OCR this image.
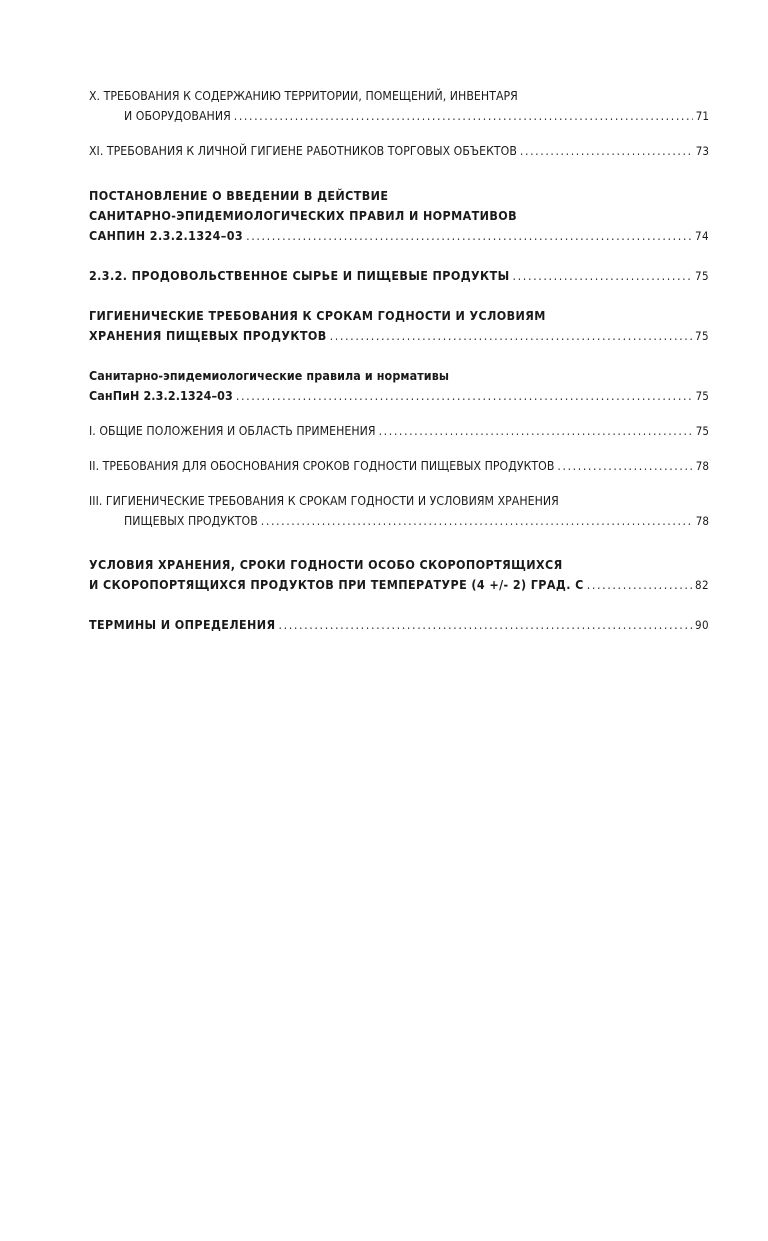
X. ТРЕБОВАНИЯ К СОДЕРЖАНИЮ ТЕРРИТОРИИ, ПОМЕЩЕНИЙ, ИНВЕНТАРЯ
И ОБОРУДОВАНИЯ .....	71
XI. ТРЕБОВАНИЯ К ЛИЧНОЙ ГИГИЕНЕ РАБОТНИКОВ ТОРГОВЫХ ОБЪЕКТОВ .....	73
ПОСТАНОВЛЕНИЕ О ВВЕДЕНИИ В ДЕЙСТВИЕ
САНИТАРНО-ЭПИДЕМИОЛОГИЧЕСКИХ ПРАВИЛ И НОРМАТИВОВ
САНПИН 2.3.2.1324–03 .....	74
2.3.2. ПРОДОВОЛЬСТВЕННОЕ СЫРЬЕ И ПИЩЕВЫЕ ПРОДУКТЫ .....	75
ГИГИЕНИЧЕСКИЕ ТРЕБОВАНИЯ К СРОКАМ ГОДНОСТИ И УСЛОВИЯМ
ХРАНЕНИЯ ПИЩЕВЫХ ПРОДУКТОВ .....	75
Санитарно-эпидемиологические правила и нормативы
СанПиН 2.3.2.1324–03 .....	75
I. ОБЩИЕ ПОЛОЖЕНИЯ И ОБЛАСТЬ ПРИМЕНЕНИЯ .....	75
II. ТРЕБОВАНИЯ ДЛЯ ОБОСНОВАНИЯ СРОКОВ ГОДНОСТИ ПИЩЕВЫХ ПРОДУКТОВ .....	78
III. ГИГИЕНИЧЕСКИЕ ТРЕБОВАНИЯ К СРОКАМ ГОДНОСТИ И УСЛОВИЯМ ХРАНЕНИЯ
ПИЩЕВЫХ ПРОДУКТОВ .....	78
УСЛОВИЯ ХРАНЕНИЯ, СРОКИ ГОДНОСТИ ОСОБО СКОРОПОРТЯЩИХСЯ
И СКОРОПОРТЯЩИХСЯ ПРОДУКТОВ ПРИ ТЕМПЕРАТУРЕ (4 +/- 2) ГРАД. С .....	82
ТЕРМИНЫ И ОПРЕДЕЛЕНИЯ .....	90
